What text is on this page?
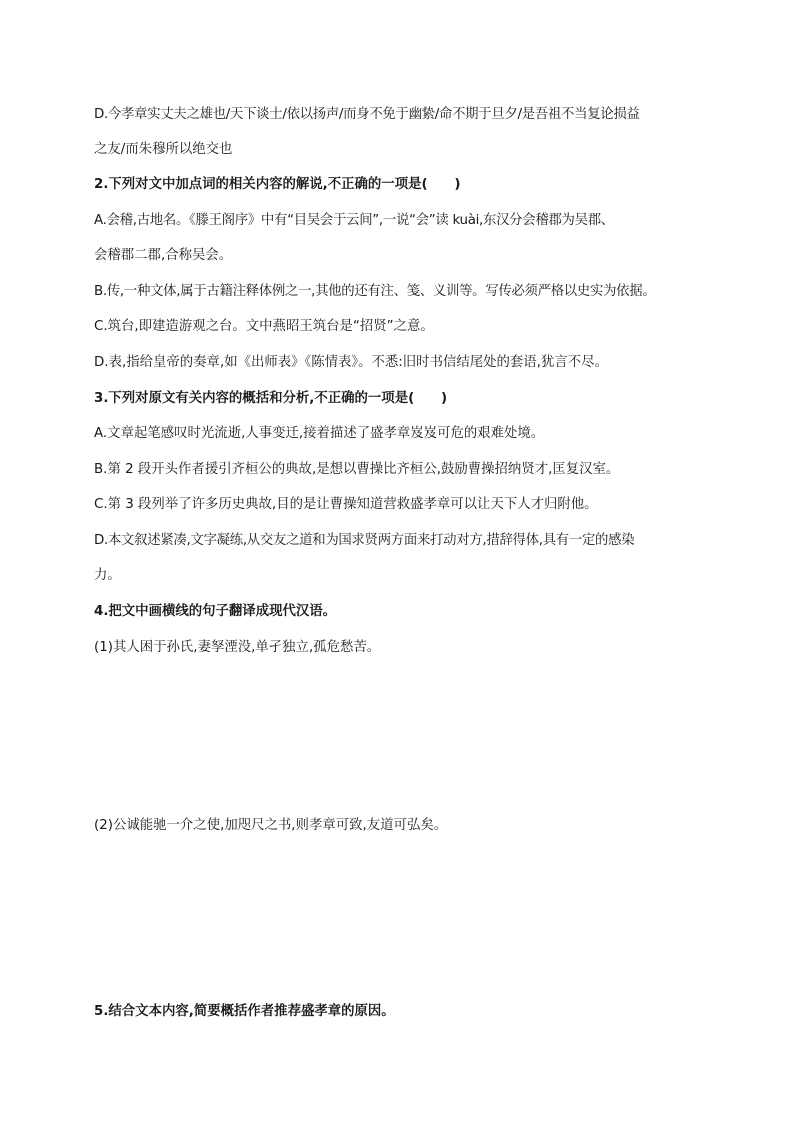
D.今孝章实丈夫之雄也/天下谈士/依以扬声/而身不免于幽絷/命不期于旦夕/是吾祖不当复论损益
之友/而朱穆所以绝交也
2.下列对文中加点词的相关内容的解说,不正确的一项是(　　)
A.会稽,古地名。《滕王阁序》中有“目吴会于云间”,一说“会”读 kuài,东汉分会稽郡为吴郡、
会稽郡二郡,合称吴会。
B.传,一种文体,属于古籍注释体例之一,其他的还有注、笺、义训等。写传必须严格以史实为依据。
C.筑台,即建造游观之台。文中燕昭王筑台是“招贤”之意。
D.表,指给皇帝的奏章,如《出师表》《陈情表》。不悉:旧时书信结尾处的套语,犹言不尽。
3.下列对原文有关内容的概括和分析,不正确的一项是(　　)
A.文章起笔感叹时光流逝,人事变迁,接着描述了盛孝章岌岌可危的艰难处境。
B.第 2 段开头作者援引齐桓公的典故,是想以曹操比齐桓公,鼓励曹操招纳贤才,匡复汉室。
C.第 3 段列举了许多历史典故,目的是让曹操知道营救盛孝章可以让天下人才归附他。
D.本文叙述紧凑,文字凝练,从交友之道和为国求贤两方面来打动对方,措辞得体,具有一定的感染
力。
4.把文中画横线的句子翻译成现代汉语。
(1)其人困于孙氏,妻孥湮没,单孑独立,孤危愁苦。
(2)公诚能驰一介之使,加咫尺之书,则孝章可致,友道可弘矣。
5.结合文本内容,简要概括作者推荐盛孝章的原因。
